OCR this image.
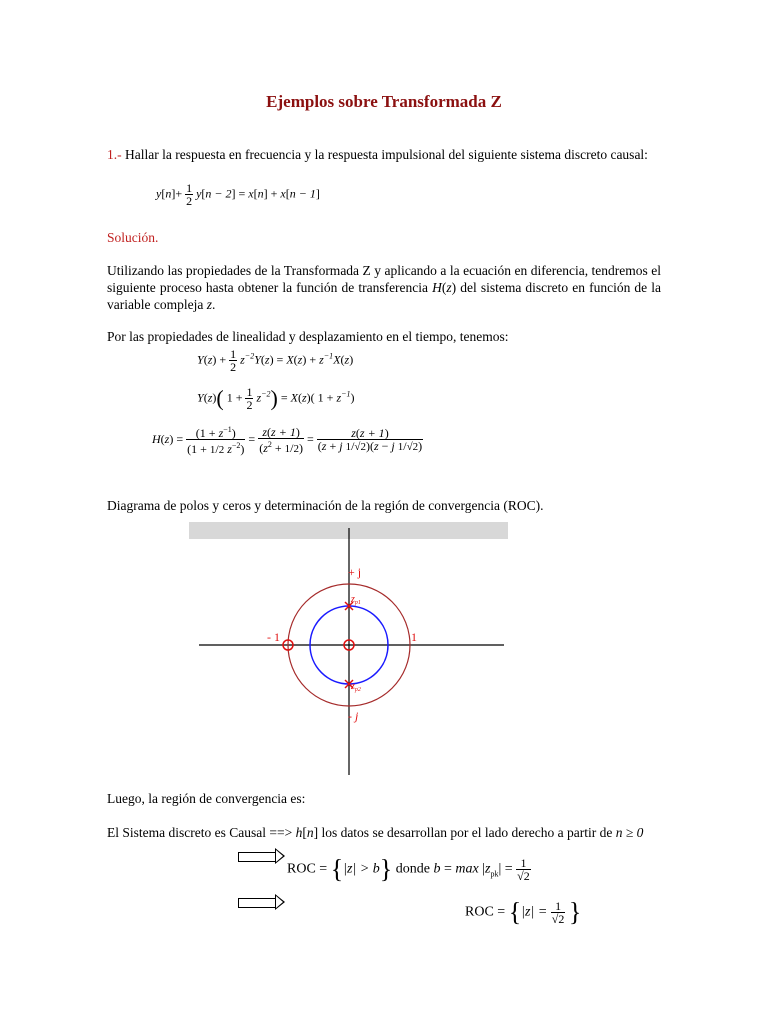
Ejemplos sobre Transformada Z
1.- Hallar la respuesta en frecuencia y la respuesta impulsional del siguiente sistema discreto causal:
$y[n]+ \frac{1}{2} y[n - 2] = x[n] + x[n - 1]$
Solución.
Utilizando las propiedades de la Transformada Z y aplicando a la ecuación en diferencia, tendremos el siguiente proceso hasta obtener la función de transferencia H(z) del sistema discreto en función de la variable compleja z.
Por las propiedades de linealidad y desplazamiento en el tiempo, tenemos:
$Y(z) + \frac{1}{2} z^{-2}Y(z) = X(z) + z^{-1}X(z)$
Y(z)( $1 + \frac{1}{2} z^{-2}) = X(z)$( $1 + z^{-1}$)
$H(z) = \frac{(1 + z^{-1})}{(1 + 1/2 z^{-2})} = \frac{z(z + 1)}{(z^2 + 1/2)} = \frac{z(z + 1)}{(z + j 1/√2)(z - j 1/√2)}$
Diagrama de polos y ceros y determinación de la región de convergencia (ROC).
+ j
- j
- 1	1
$z_{p1}$
$z_{p2}$
Luego, la región de convergencia es:
El Sistema discreto es Causal ==> h[n] los datos se desarrollan por el lado derecho a partir de n ≥ 0
ROC = {|z| > b} donde $b = \max |z_{pk}| = \frac{1}{√2}$
ROC = {$|z| = \frac{1}{√2}$ }
